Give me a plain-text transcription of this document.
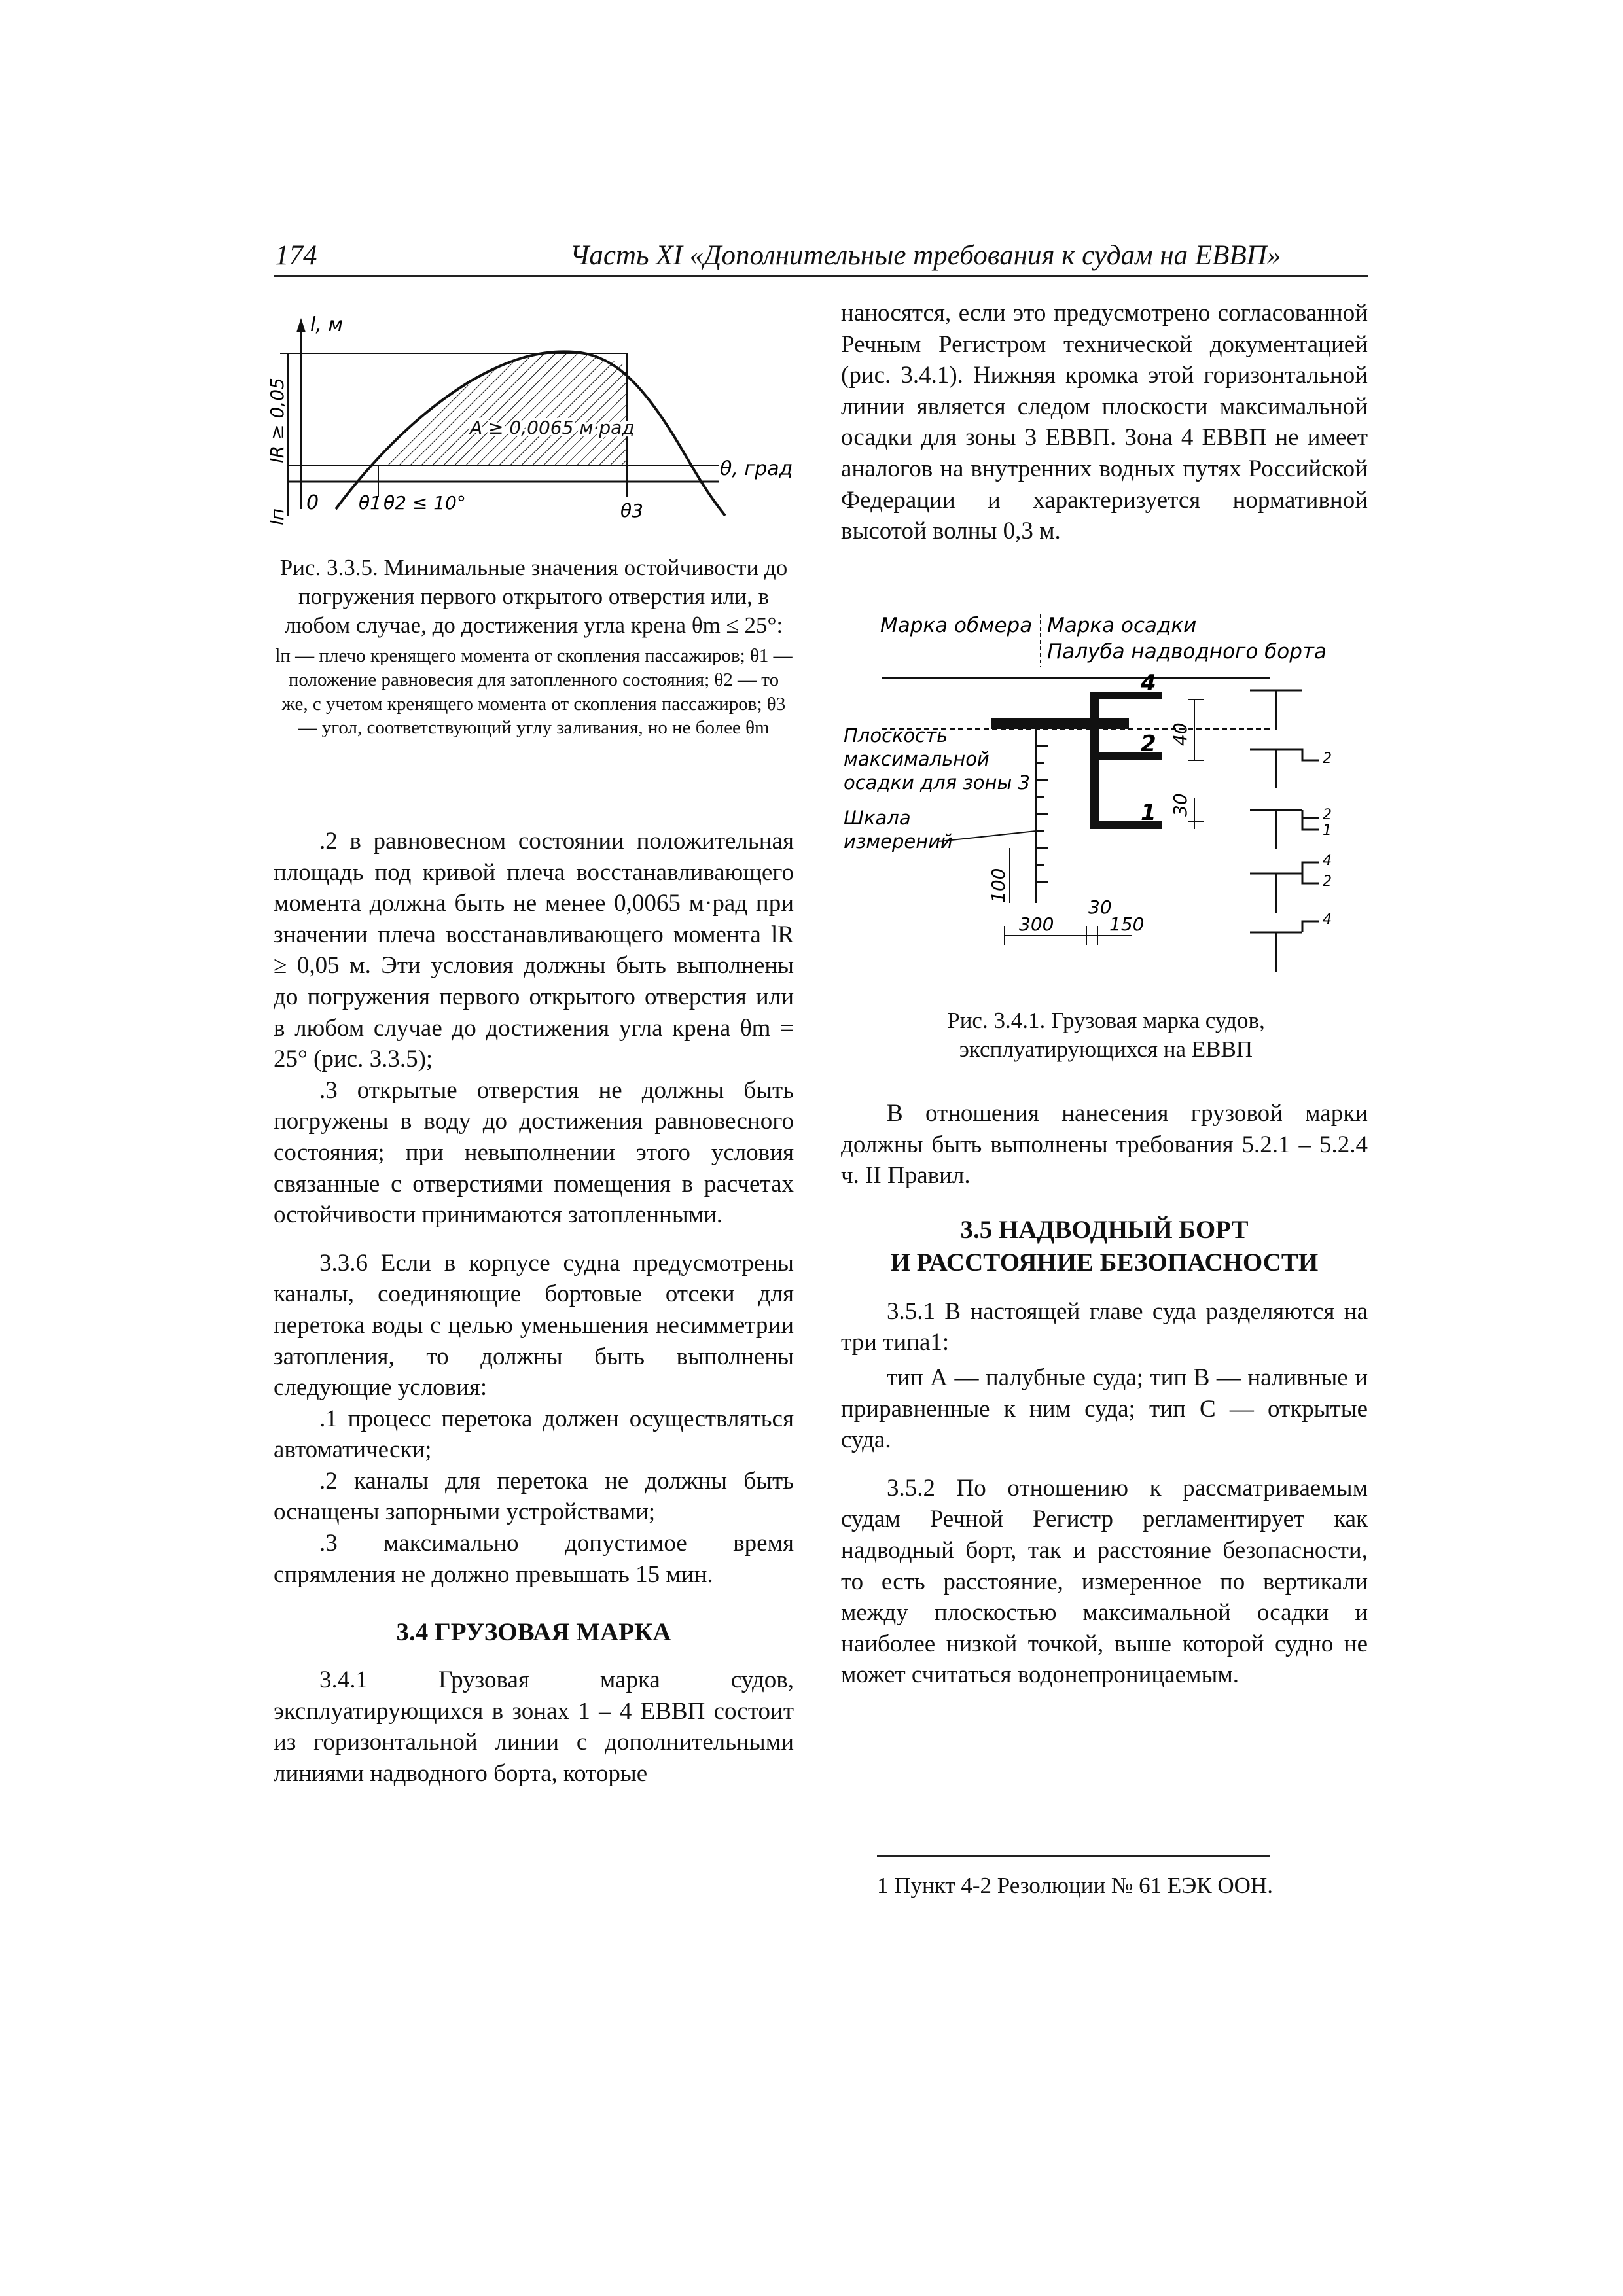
174	Часть XI «Дополнительные требования к судам на ЕВВП»
l, м
lR ≥ 0,05
lп
A ≥ 0,0065 м·рад
θ, град
0 θ1 θ2 ≤ 10°	θ3

Рис. 3.3.5. Минимальные значения остойчивости до погружения первого открытого отверстия или, в любом случае, до достижения угла крена θm ≤ 25°:

lп — плечо кренящего момента от скопления пассажиров; θ1 — положение равновесия для затопленного состояния; θ2 — то же, с учетом кренящего момента от скопления пассажиров; θ3 — угол, соответствующий углу заливания, но не более θm

.2 в равновесном состоянии положительная площадь под кривой плеча восстанавливающего момента должна быть не менее 0,0065 м·рад при значении плеча восстанавливающего момента lR ≥ 0,05 м. Эти условия должны быть выполнены до погружения первого открытого отверстия или в любом случае до достижения угла крена θm = 25° (рис. 3.3.5);

.3 открытые отверстия не должны быть погружены в воду до достижения равновесного состояния; при невыполнении этого условия связанные с отверстиями помещения в расчетах остойчивости принимаются затопленными.

3.3.6 Если в корпусе судна предусмотрены каналы, соединяющие бортовые отсеки для перетока воды с целью уменьшения несимметрии затопления, то должны быть выполнены следующие условия:

.1 процесс перетока должен осуществляться автоматически;

.2 каналы для перетока не должны быть оснащены запорными устройствами;

.3 максимально допустимое время спрямления не должно превышать 15 мин.

3.4 ГРУЗОВАЯ МАРКА

3.4.1 Грузовая марка судов, эксплуатирующихся в зонах 1 – 4 ЕВВП состоит из горизонтальной линии с дополнительными линиями надводного борта, которые

наносятся, если это предусмотрено согласованной Речным Регистром технической документацией (рис. 3.4.1). Нижняя кромка этой горизонтальной линии является следом плоскости максимальной осадки для зоны 3 ЕВВП. Зона 4 ЕВВП не имеет аналогов на внутренних водных путях Российской Федерации и характеризуется нормативной высотой волны 0,3 м.

Марка обмера Марка осадки
Палуба надводного борта
4
2
1
40
30
Плоскость
максимальной
осадки для зоны 3
Шкала
измерений
100
300
30
150
2
2
1
4
2
4

Рис. 3.4.1. Грузовая марка судов, эксплуатирующихся на ЕВВП

В отношения нанесения грузовой марки должны быть выполнены требования 5.2.1 – 5.2.4 ч. II Правил.

3.5 НАДВОДНЫЙ БОРТ

И РАССТОЯНИЕ БЕЗОПАСНОСТИ

3.5.1 В настоящей главе суда разделяются на три типа1:

тип А — палубные суда; тип В — наливные и приравненные к ним суда; тип С — открытые суда.

3.5.2 По отношению к рассматриваемым судам Речной Регистр регламентирует как надводный борт, так и расстояние безопасности, то есть расстояние, измеренное по вертикали между плоскостью максимальной осадки и наиболее низкой точкой, выше которой судно не может считаться водонепроницаемым.

1 Пункт 4-2 Резолюции № 61 ЕЭК ООН.
